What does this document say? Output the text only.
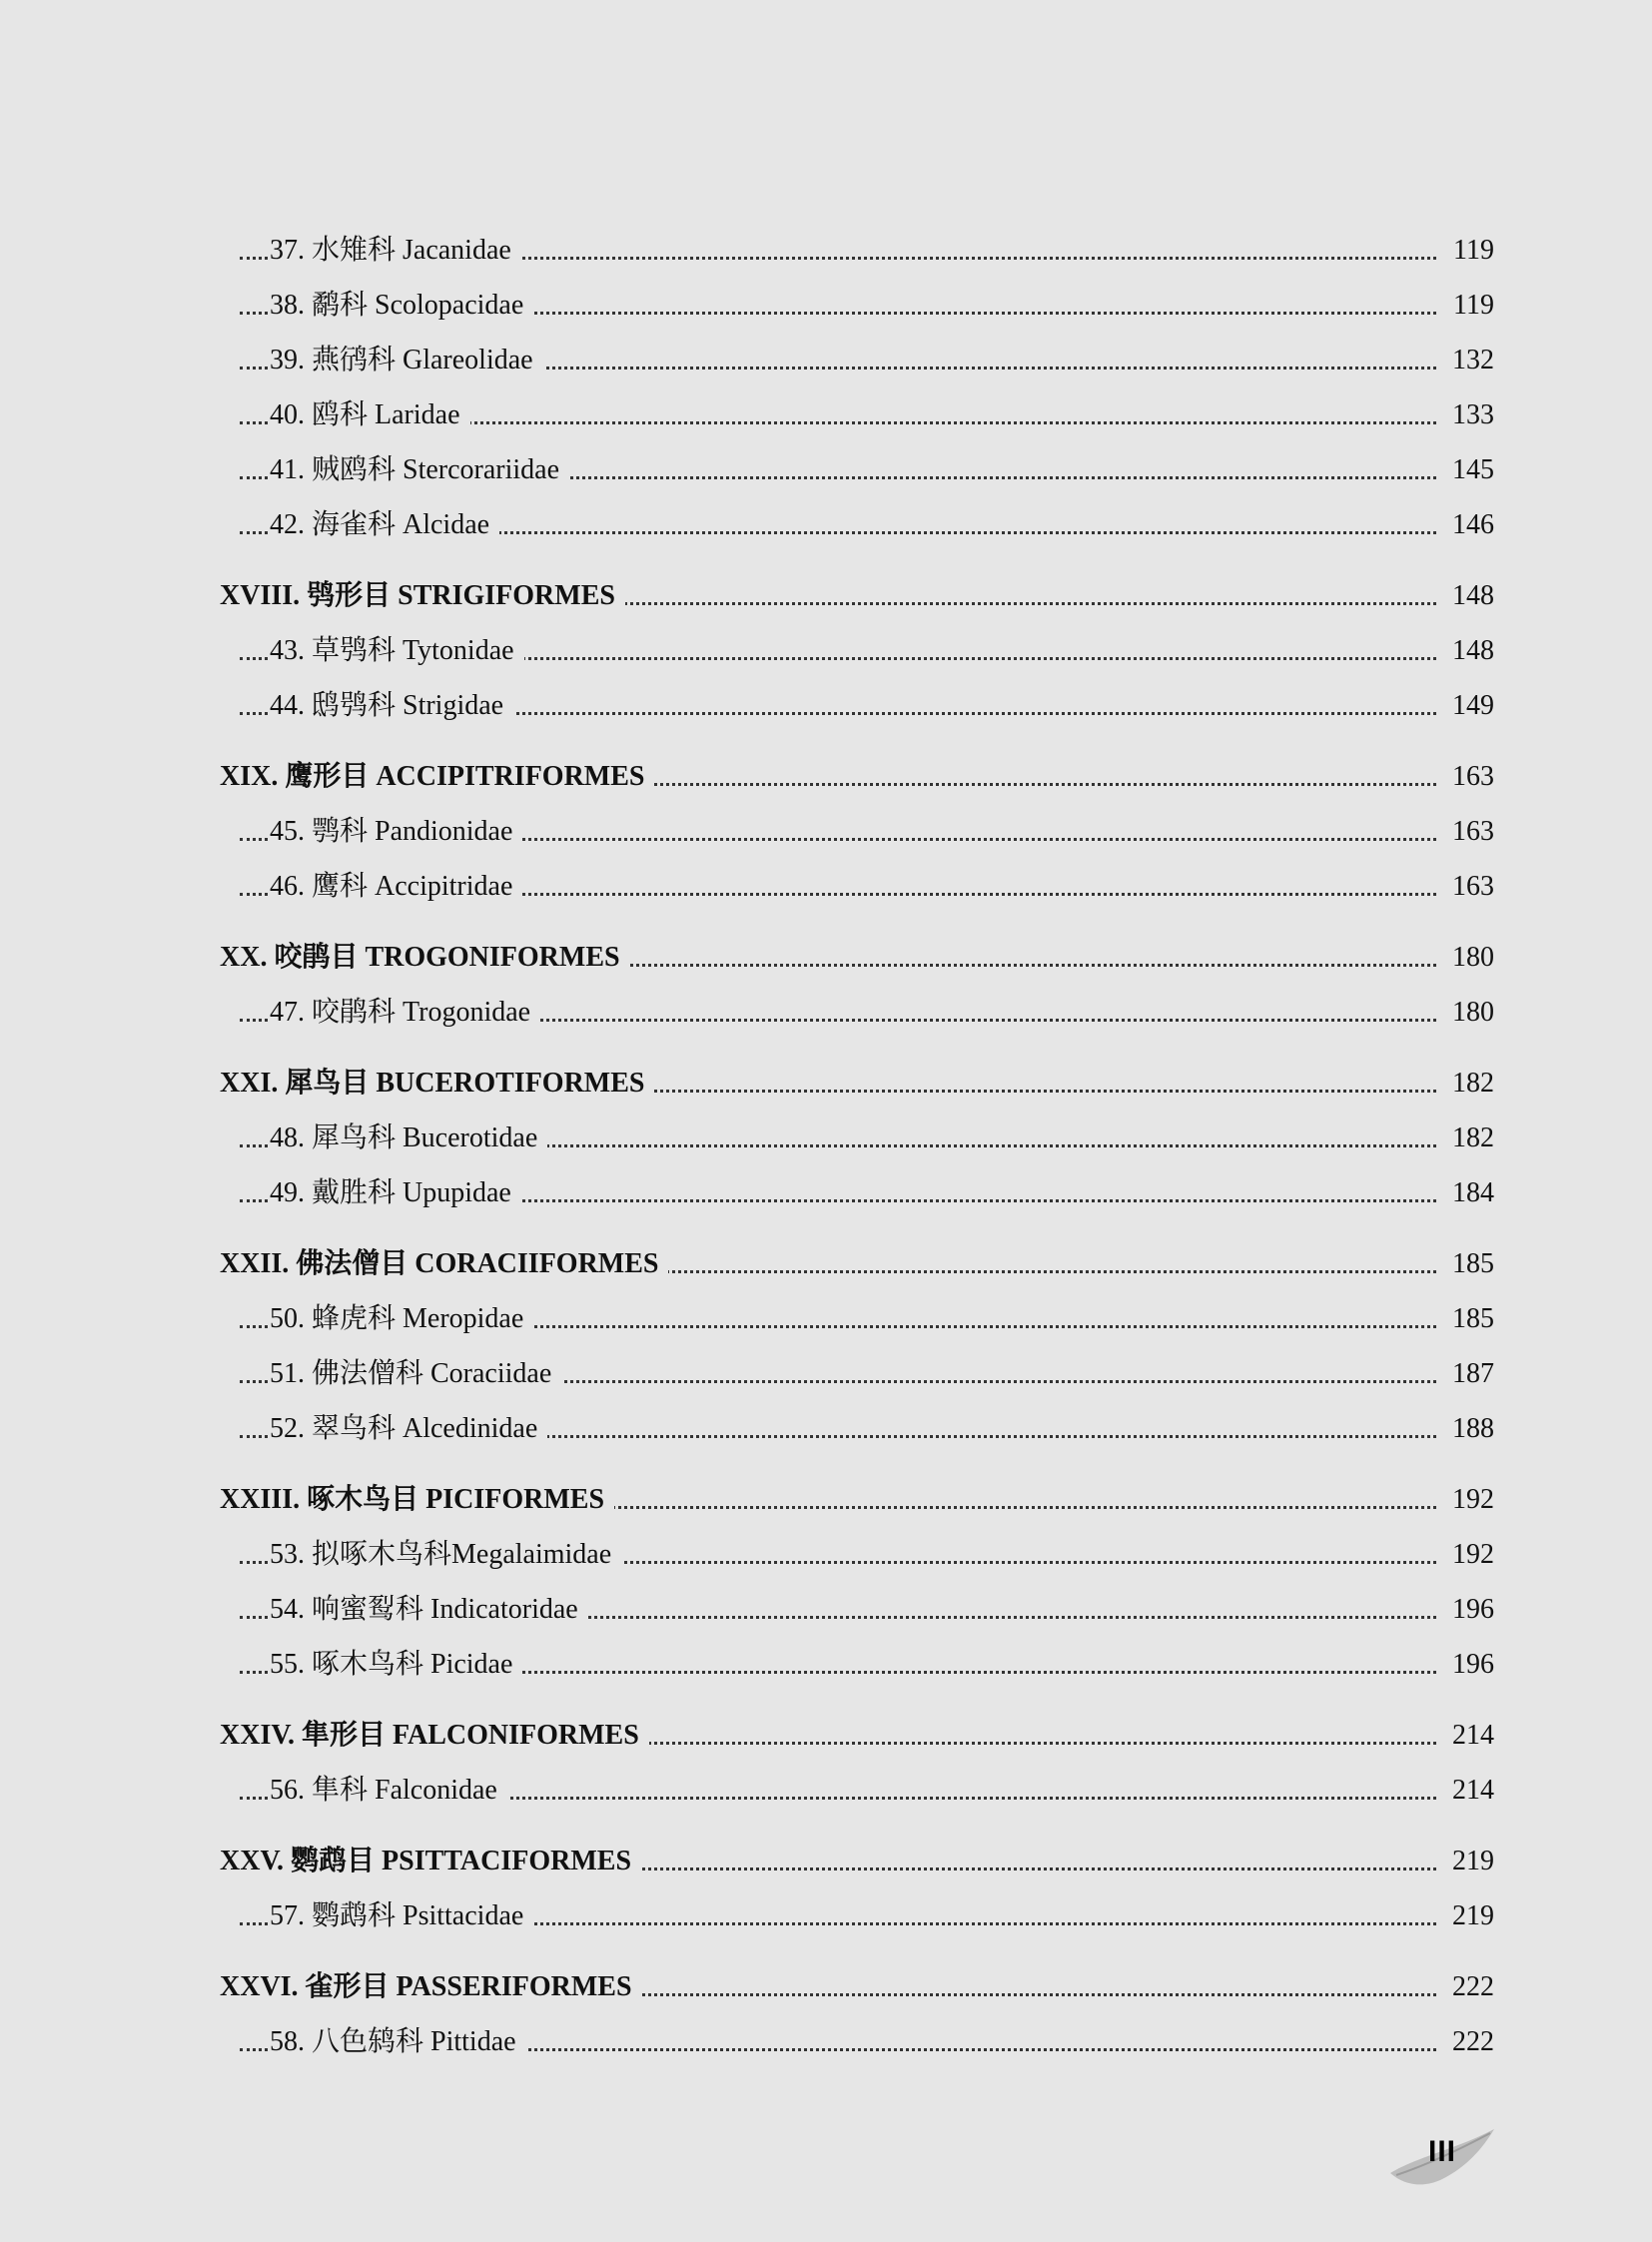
37. 水雉科 Jacanidae	119
38. 鹬科 Scolopacidae	119
39. 燕鸻科 Glareolidae	132
40. 鸥科 Laridae	133
41. 贼鸥科 Stercorariidae	145
42. 海雀科 Alcidae	146
XVIII. 鸮形目 STRIGIFORMES	148
43. 草鸮科 Tytonidae	148
44. 鸱鸮科 Strigidae	149
XIX. 鹰形目 ACCIPITRIFORMES	163
45. 鹗科 Pandionidae	163
46. 鹰科 Accipitridae	163
XX. 咬鹃目 TROGONIFORMES	180
47. 咬鹃科 Trogonidae	180
XXI. 犀鸟目 BUCEROTIFORMES	182
48. 犀鸟科 Bucerotidae	182
49. 戴胜科 Upupidae	184
XXII. 佛法僧目 CORACIIFORMES	185
50. 蜂虎科 Meropidae	185
51. 佛法僧科 Coraciidae	187
52. 翠鸟科 Alcedinidae	188
XXIII. 啄木鸟目 PICIFORMES	192
53. 拟啄木鸟科Megalaimidae	192
54. 响蜜䴕科 Indicatoridae	196
55. 啄木鸟科 Picidae	196
XXIV. 隼形目 FALCONIFORMES	214
56. 隼科 Falconidae	214
XXV. 鹦鹉目 PSITTACIFORMES	219
57. 鹦鹉科 Psittacidae	219
XXVI. 雀形目 PASSERIFORMES	222
58. 八色鸫科 Pittidae	222
III
